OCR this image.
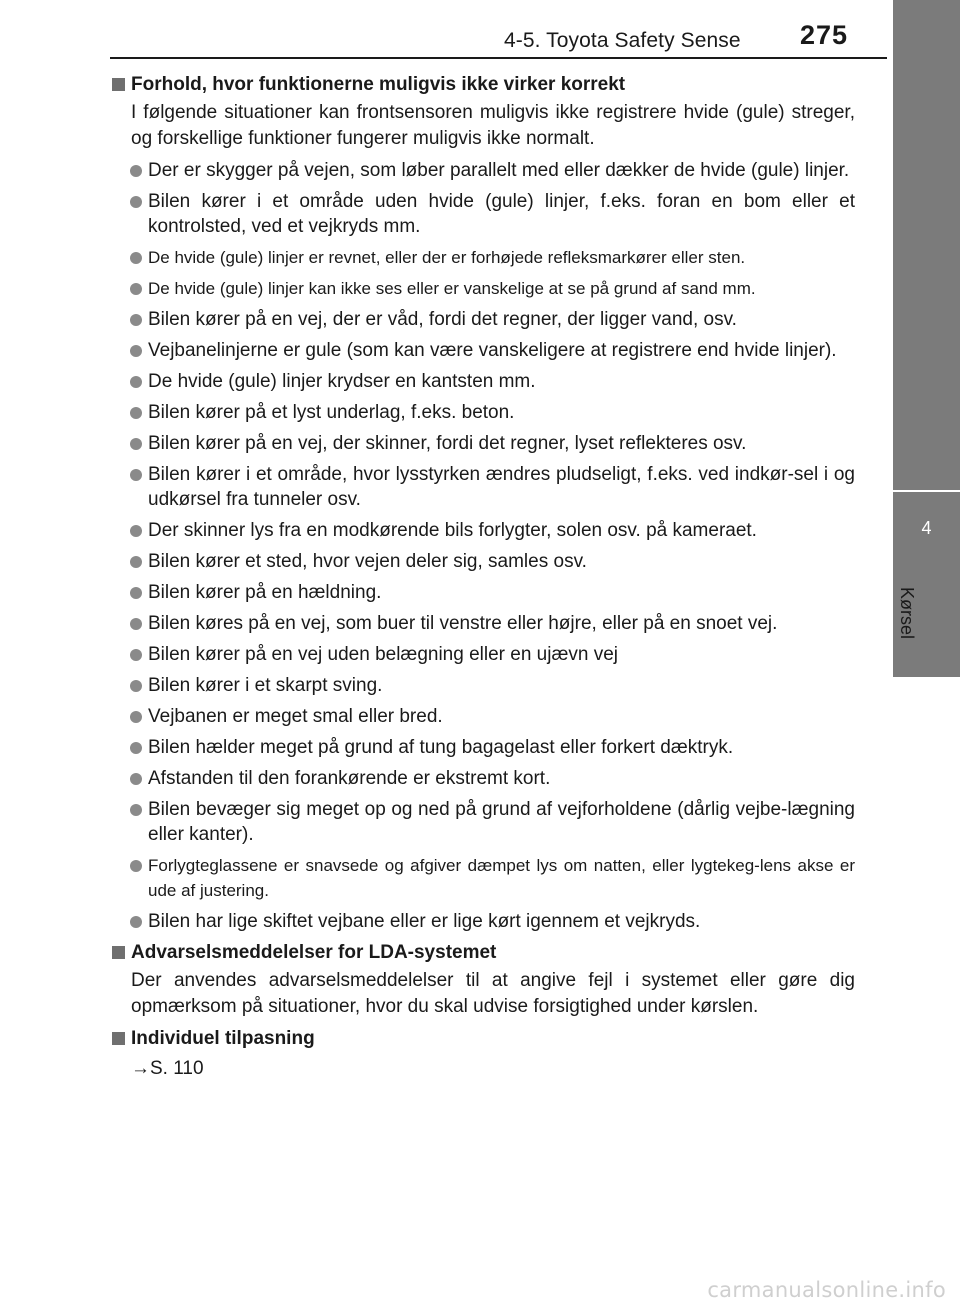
4
Kørsel
4-5. Toyota Safety Sense 275
Forhold, hvor funktionerne muligvis ikke virker korrekt
I følgende situationer kan frontsensoren muligvis ikke registrere hvide (gule) streger, og forskellige funktioner fungerer muligvis ikke normalt.
Der er skygger på vejen, som løber parallelt med eller dækker de hvide (gule) linjer.
Bilen kører i et område uden hvide (gule) linjer, f.eks. foran en bom eller et kontrolsted, ved et vejkryds mm.
De hvide (gule) linjer er revnet, eller der er forhøjede refleksmarkører eller sten.
De hvide (gule) linjer kan ikke ses eller er vanskelige at se på grund af sand mm.
Bilen kører på en vej, der er våd, fordi det regner, der ligger vand, osv.
Vejbanelinjerne er gule (som kan være vanskeligere at registrere end hvide linjer).
De hvide (gule) linjer krydser en kantsten mm.
Bilen kører på et lyst underlag, f.eks. beton.
Bilen kører på en vej, der skinner, fordi det regner, lyset reflekteres osv.
Bilen kører i et område, hvor lysstyrken ændres pludseligt, f.eks. ved indkør-sel i og udkørsel fra tunneler osv.
Der skinner lys fra en modkørende bils forlygter, solen osv. på kameraet.
Bilen kører et sted, hvor vejen deler sig, samles osv.
Bilen kører på en hældning.
Bilen køres på en vej, som buer til venstre eller højre, eller på en snoet vej.
Bilen kører på en vej uden belægning eller en ujævn vej
Bilen kører i et skarpt sving.
Vejbanen er meget smal eller bred.
Bilen hælder meget på grund af tung bagagelast eller forkert dæktryk.
Afstanden til den forankørende er ekstremt kort.
Bilen bevæger sig meget op og ned på grund af vejforholdene (dårlig vejbe-lægning eller kanter).
Forlygteglassene er snavsede og afgiver dæmpet lys om natten, eller lygtekeg-lens akse er ude af justering.
Bilen har lige skiftet vejbane eller er lige kørt igennem et vejkryds.
Advarselsmeddelelser for LDA-systemet
Der anvendes advarselsmeddelelser til at angive fejl i systemet eller gøre dig opmærksom på situationer, hvor du skal udvise forsigtighed under kørslen.
Individuel tilpasning
→S. 110
carmanualsonline.info
